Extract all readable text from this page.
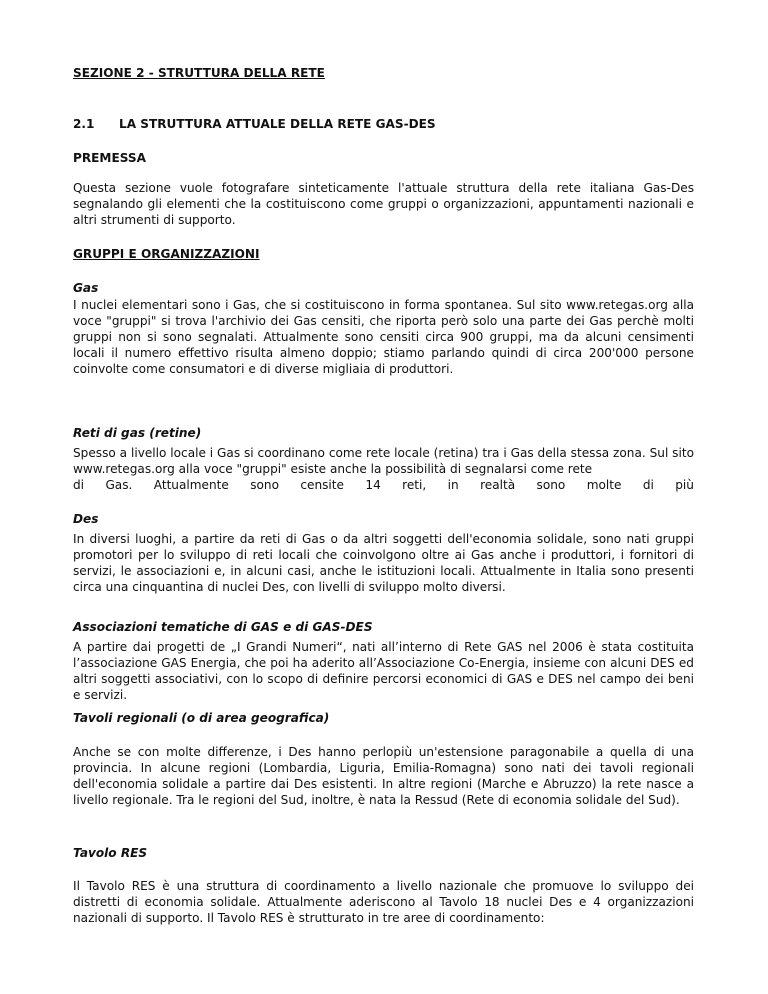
SEZIONE 2 - STRUTTURA DELLA RETE
2.1	LA STRUTTURA ATTUALE DELLA RETE GAS-DES
PREMESSA

Questa sezione vuole fotografare sinteticamente l'attuale struttura della rete italiana Gas-Des segnalando gli elementi che la costituiscono come gruppi o organizzazioni, appuntamenti nazionali e altri strumenti di supporto.

GRUPPI E ORGANIZZAZIONI
Gas

I nuclei elementari sono i Gas, che si costituiscono in forma spontanea. Sul sito www.retegas.org alla voce "gruppi" si trova l'archivio dei Gas censiti, che riporta però solo una parte dei Gas perchè molti gruppi non si sono segnalati. Attualmente sono censiti circa 900 gruppi, ma da alcuni censimenti locali il numero effettivo risulta almeno doppio; stiamo parlando quindi di circa 200'000 persone coinvolte come consumatori e di diverse migliaia di produttori.

Reti di gas (retine)

Spesso a livello locale i Gas si coordinano come rete locale (retina) tra i Gas della stessa zona. Sul sito www.retegas.org alla voce "gruppi" esiste anche la possibilità di segnalarsi come rete

di Gas. Attualmente sono censite 14 reti, in realtà sono molte di più
Des

In diversi luoghi, a partire da reti di Gas o da altri soggetti dell'economia solidale, sono nati gruppi promotori per lo sviluppo di reti locali che coinvolgono oltre ai Gas anche i produttori, i fornitori di servizi, le associazioni e, in alcuni casi, anche le istituzioni locali. Attualmente in Italia sono presenti circa una cinquantina di nuclei Des, con livelli di sviluppo molto diversi.

Associazioni tematiche di GAS e di GAS-DES

A partire dai progetti de „I Grandi Numeri“, nati all’interno di Rete GAS nel 2006 è stata costituita l’associazione GAS Energia, che poi ha aderito all’Associazione Co-Energia, insieme con alcuni DES ed altri soggetti associativi, con lo scopo di definire percorsi economici di GAS e DES nel campo dei beni e servizi.

Tavoli regionali (o di area geografica)

Anche se con molte differenze, i Des hanno perlopiù un'estensione paragonabile a quella di una provincia. In alcune regioni (Lombardia, Liguria, Emilia-Romagna) sono nati dei tavoli regionali dell'economia solidale a partire dai Des esistenti. In altre regioni (Marche e Abruzzo) la rete nasce a livello regionale. Tra le regioni del Sud, inoltre, è nata la Ressud (Rete di economia solidale del Sud).

Tavolo RES

Il Tavolo RES è una struttura di coordinamento a livello nazionale che promuove lo sviluppo dei distretti di economia solidale. Attualmente aderiscono al Tavolo 18 nuclei Des e 4 organizzazioni nazionali di supporto. Il Tavolo RES è strutturato in tre aree di coordinamento:
